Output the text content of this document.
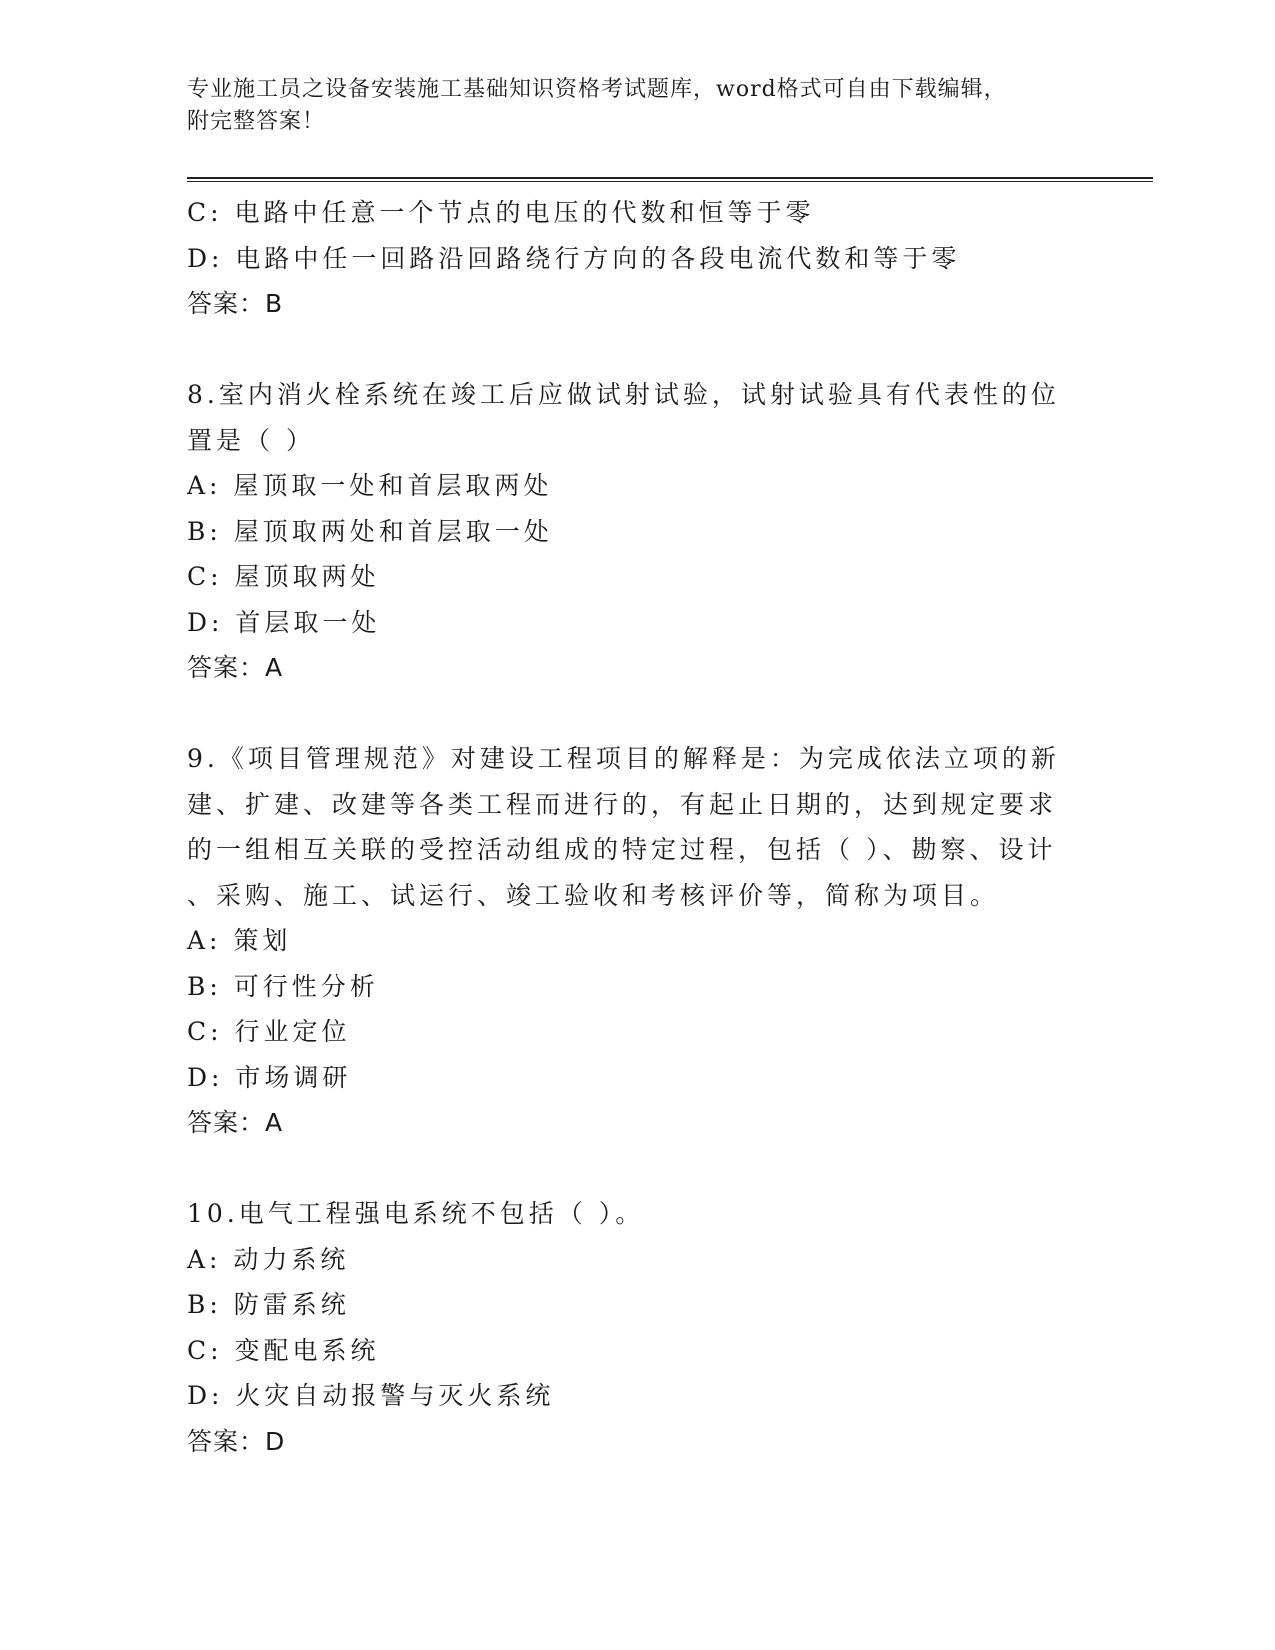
专业施工员之设备安装施工基础知识资格考试题库，word格式可自由下载编辑，
附完整答案！
C: 电路中任意一个节点的电压的代数和恒等于零
D: 电路中任一回路沿回路绕行方向的各段电流代数和等于零
答案：B
8.室内消火栓系统在竣工后应做试射试验，试射试验具有代表性的位
置是（ ）
A: 屋顶取一处和首层取两处
B: 屋顶取两处和首层取一处
C: 屋顶取两处
D: 首层取一处
答案：A
9.《项目管理规范》对建设工程项目的解释是：为完成依法立项的新
建、扩建、改建等各类工程而进行的，有起止日期的，达到规定要求
的一组相互关联的受控活动组成的特定过程，包括（ ）、勘察、设计
、采购、施工、试运行、竣工验收和考核评价等，简称为项目。
A: 策划
B: 可行性分析
C: 行业定位
D: 市场调研
答案：A
10.电气工程强电系统不包括（ ）。
A: 动力系统
B: 防雷系统
C: 变配电系统
D: 火灾自动报警与灭火系统
答案：D
